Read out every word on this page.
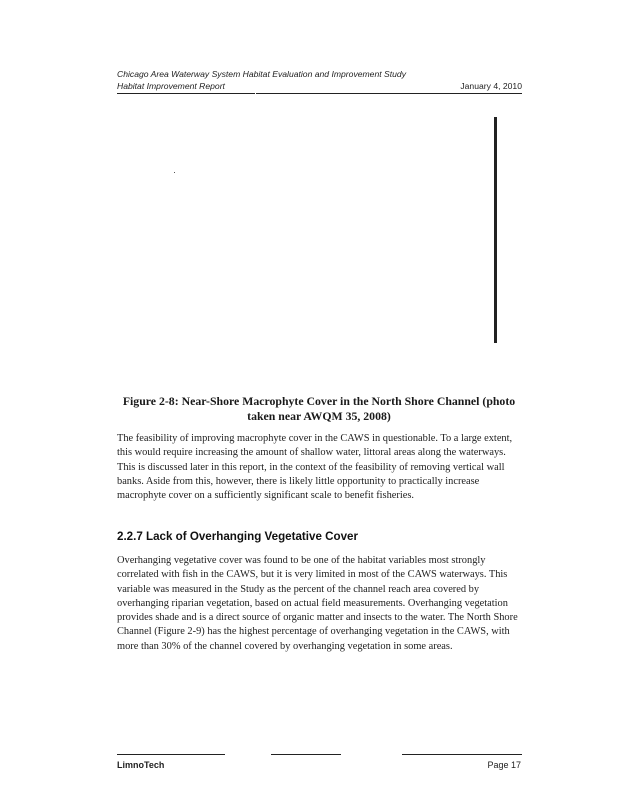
Chicago Area Waterway System Habitat Evaluation and Improvement Study
Habitat Improvement Report	January 4, 2010
Figure 2-8: Near-Shore Macrophyte Cover in the North Shore Channel (photo taken near AWQM 35, 2008)
The feasibility of improving macrophyte cover in the CAWS in questionable. To a large extent, this would require increasing the amount of shallow water, littoral areas along the waterways. This is discussed later in this report, in the context of the feasibility of removing vertical wall banks. Aside from this, however, there is likely little opportunity to practically increase macrophyte cover on a sufficiently significant scale to benefit fisheries.
2.2.7 Lack of Overhanging Vegetative Cover
Overhanging vegetative cover was found to be one of the habitat variables most strongly correlated with fish in the CAWS, but it is very limited in most of the CAWS waterways. This variable was measured in the Study as the percent of the channel reach area covered by overhanging riparian vegetation, based on actual field measurements. Overhanging vegetation provides shade and is a direct source of organic matter and insects to the water. The North Shore Channel (Figure 2-9) has the highest percentage of overhanging vegetation in the CAWS, with more than 30% of the channel covered by overhanging vegetation in some areas.
LimnoTech	Page 17
